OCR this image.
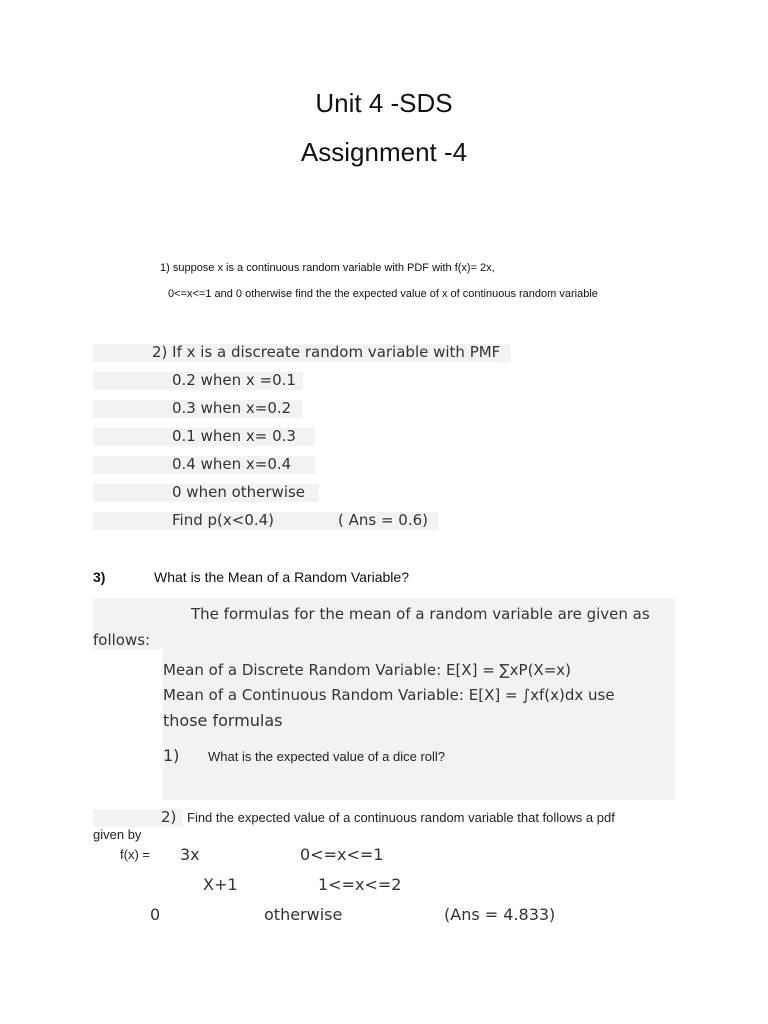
Unit 4 -SDS
Assignment -4
1) suppose x is a continuous random variable with PDF with f(x)= 2x,
0<=x<=1 and 0 otherwise find the the expected value of x of continuous random variable
2) If x is a discreate random variable with PMF
0.2 when x =0.1
0.3 when x=0.2
0.1 when x= 0.3
0.4 when x=0.4
0 when otherwise
Find p(x<0.4)	( Ans = 0.6)
3)	What is the Mean of a Random Variable?
The formulas for the mean of a random variable are given as
follows:
Mean of a Discrete Random Variable: E[X] = ∑xP(X=x)
Mean of a Continuous Random Variable: E[X] = ∫xf(x)dx use
those formulas
1) What is the expected value of a dice roll?
2) Find the expected value of a continuous random variable that follows a pdf
given by
f(x) = 3x	0<=x<=1
X+1	1<=x<=2
0	otherwise	(Ans = 4.833)
